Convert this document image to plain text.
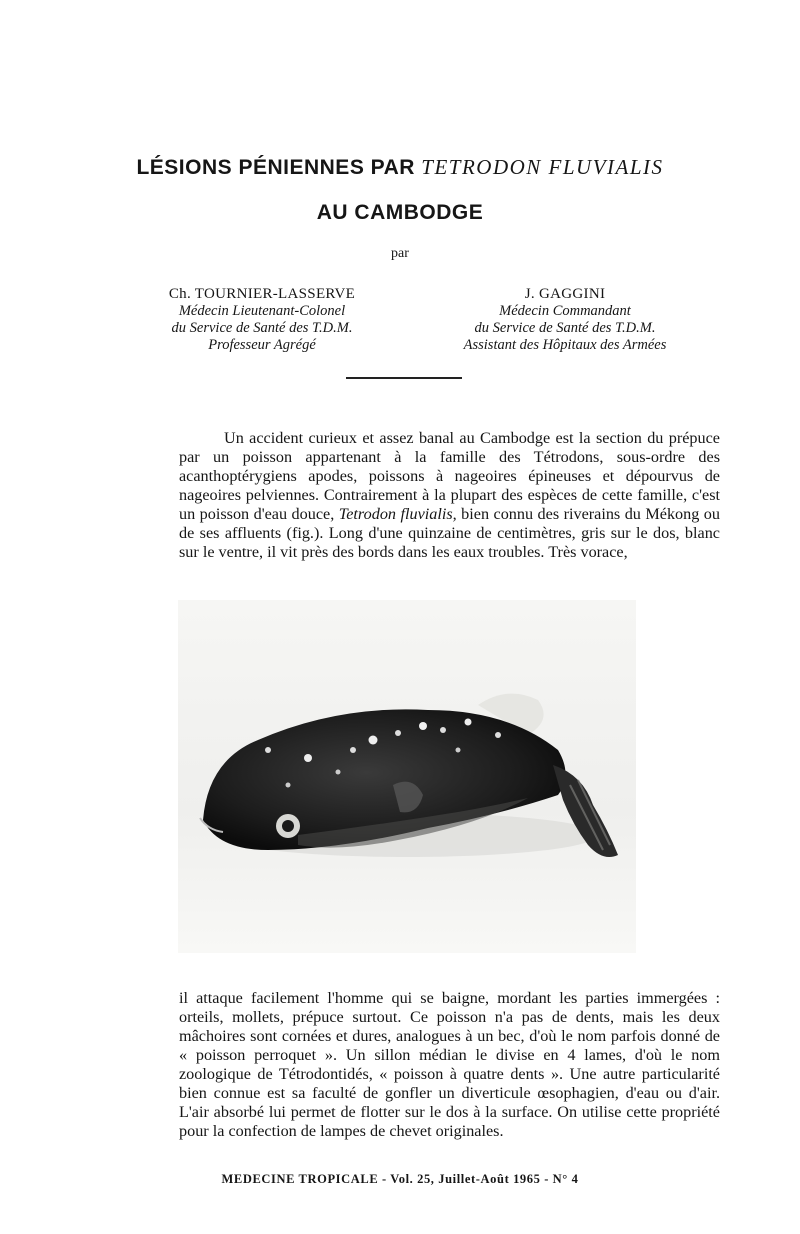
LÉSIONS PÉNIENNES PAR TETRODON FLUVIALIS
AU CAMBODGE
par
Ch. TOURNIER-LASSERVE
Médecin Lieutenant-Colonel
du Service de Santé des T.D.M.
Professeur Agrégé
J. GAGGINI
Médecin Commandant
du Service de Santé des T.D.M.
Assistant des Hôpitaux des Armées
Un accident curieux et assez banal au Cambodge est la section du prépuce par un poisson appartenant à la famille des Tétrodons, sous-ordre des acanthoptérygiens apodes, poissons à nageoires épineuses et dépourvus de nageoires pelviennes. Contrairement à la plupart des espèces de cette famille, c'est un poisson d'eau douce, Tetrodon fluvialis, bien connu des riverains du Mékong ou de ses affluents (fig.). Long d'une quinzaine de centimètres, gris sur le dos, blanc sur le ventre, il vit près des bords dans les eaux troubles. Très vorace,
il attaque facilement l'homme qui se baigne, mordant les parties immergées : orteils, mollets, prépuce surtout. Ce poisson n'a pas de dents, mais les deux mâchoires sont cornées et dures, analogues à un bec, d'où le nom parfois donné de « poisson perroquet ». Un sillon médian le divise en 4 lames, d'où le nom zoologique de Tétrodontidés, « poisson à quatre dents ». Une autre particularité bien connue est sa faculté de gonfler un diverticule œsophagien, d'eau ou d'air. L'air absorbé lui permet de flotter sur le dos à la surface. On utilise cette propriété pour la confection de lampes de chevet originales.
MEDECINE TROPICALE - Vol. 25, Juillet-Août 1965 - N° 4
